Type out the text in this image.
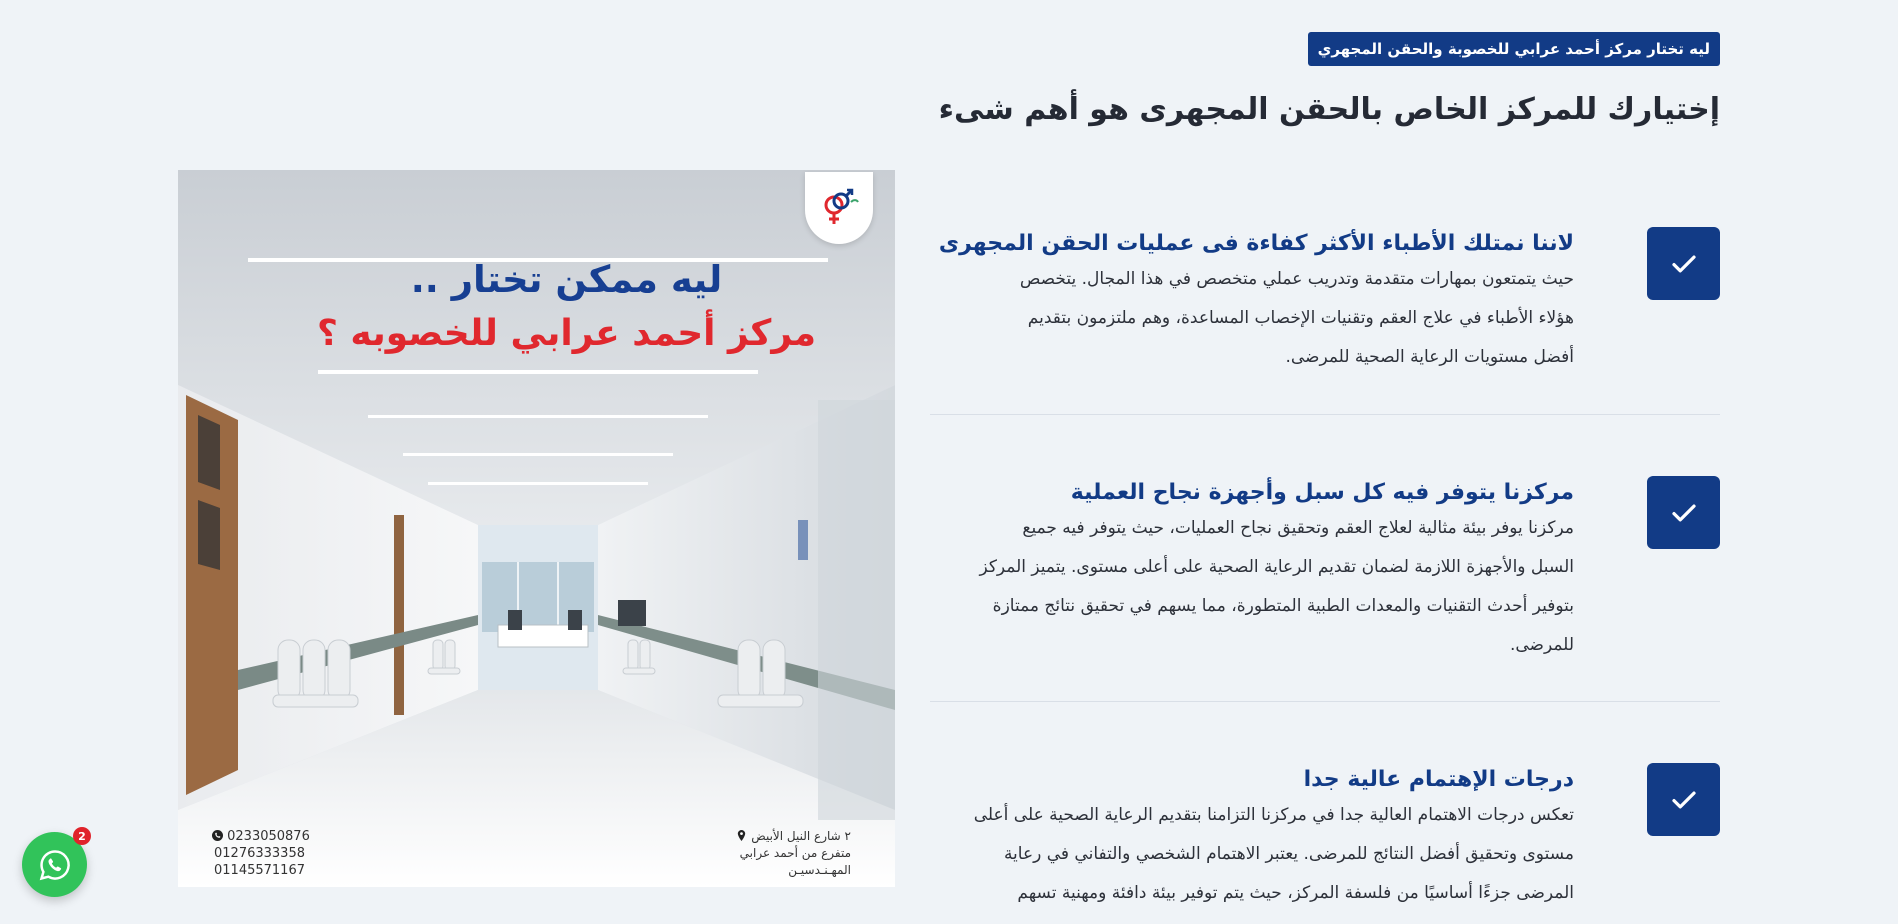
ليه تختار مركز أحمد عرابي للخصوبة والحقن المجهري
إختيارك للمركز الخاص بالحقن المجهرى هو أهم شىء
لاننا نمتلك الأطباء الأكثر كفاءة فى عمليات الحقن المجهرى

حيث يتمتعون بمهارات متقدمة وتدريب عملي متخصص في هذا المجال. يتخصص
هؤلاء الأطباء في علاج العقم وتقنيات الإخصاب المساعدة، وهم ملتزمون بتقديم
أفضل مستويات الرعاية الصحية للمرضى.

مركزنا يتوفر فيه كل سبل وأجهزة نجاح العملية

مركزنا يوفر بيئة مثالية لعلاج العقم وتحقيق نجاح العمليات، حيث يتوفر فيه جميع
السبل والأجهزة اللازمة لضمان تقديم الرعاية الصحية على أعلى مستوى. يتميز المركز
بتوفير أحدث التقنيات والمعدات الطبية المتطورة، مما يسهم في تحقيق نتائج ممتازة
للمرضى.

درجات الإهتمام عالية جدا

تعكس درجات الاهتمام العالية جدا في مركزنا التزامنا بتقديم الرعاية الصحية على أعلى
مستوى وتحقيق أفضل النتائج للمرضى. يعتبر الاهتمام الشخصي والتفاني في رعاية
المرضى جزءًا أساسيًا من فلسفة المركز، حيث يتم توفير بيئة دافئة ومهنية تسهم

ليه ممكن تختار ..
مركز أحمد عرابي للخصوبه ؟
0233050876
01276333358
01145571167
٢ شارع النيل الأبيض
متفرع من أحمد عرابي
المهـنـدسيـن
2
